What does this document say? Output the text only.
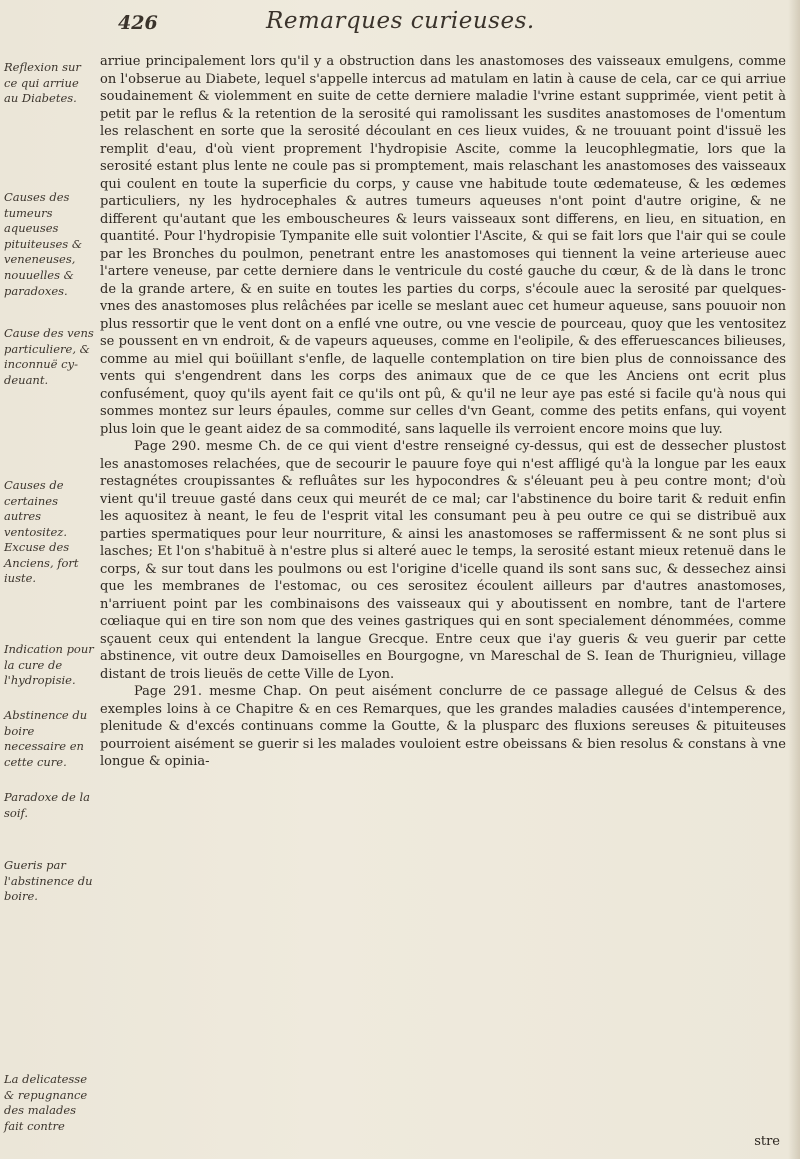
426	Remarques curieuses.
Reflexion sur ce qui arriue au Diabetes.
Causes des tumeurs aqueuses pituiteuses & veneneuses, nouuelles & paradoxes.
Cause des vens particuliere, & inconnuë cy-deuant.
Causes de certaines autres ventositez.
Excuse des Anciens, fort iuste.
Indication pour la cure de l'hydropisie.
Abstinence du boire necessaire en cette cure.
Paradoxe de la soif.
Gueris par l'abstinence du boire.
La delicatesse & repugnance des malades fait contre

arriue principalement lors qu'il y a obstruction dans les anastomoses des vaisseaux emulgens, comme on l'obserue au Diabete, lequel s'appelle intercus ad matulam en latin à cause de cela, car ce qui arriue soudainement & violemment en suite de cette derniere maladie l'vrine estant supprimée, vient petit à petit par le reflus & la retention de la serosité qui ramolissant les susdites anastomoses de l'omentum les relaschent en sorte que la serosité découlant en ces lieux vuides, & ne trouuant point d'issuë les remplit d'eau, d'où vient proprement l'hydropisie Ascite, comme la leucophlegmatie, lors que la serosité estant plus lente ne coule pas si promptement, mais relaschant les anastomoses des vaisseaux qui coulent en toute la superficie du corps, y cause vne habitude toute œdemateuse, & les œdemes particuliers, ny les hydrocephales & autres tumeurs aqueuses n'ont point d'autre origine, & ne different qu'autant que les embouscheures & leurs vaisseaux sont differens, en lieu, en situation, en quantité. Pour l'hydropisie Tympanite elle suit volontier l'Ascite, & qui se fait lors que l'air qui se coule par les Bronches du poulmon, penetrant entre les anastomoses qui tiennent la veine arterieuse auec l'artere veneuse, par cette derniere dans le ventricule du costé gauche du cœur, & de là dans le tronc de la grande artere, & en suite en toutes les parties du corps, s'écoule auec la serosité par quelques-vnes des anastomoses plus relâchées par icelle se meslant auec cet humeur aqueuse, sans pouuoir non plus ressortir que le vent dont on a enflé vne outre, ou vne vescie de pourceau, quoy que les ventositez se poussent en vn endroit, & de vapeurs aqueuses, comme en l'eolipile, & des efferuescances bilieuses, comme au miel qui boüillant s'enfle, de laquelle contemplation on tire bien plus de connoissance des vents qui s'engendrent dans les corps des animaux que de ce que les Anciens ont ecrit plus confusément, quoy qu'ils ayent fait ce qu'ils ont pû, & qu'il ne leur aye pas esté si facile qu'à nous qui sommes montez sur leurs épaules, comme sur celles d'vn Geant, comme des petits enfans, qui voyent plus loin que le geant aidez de sa commodité, sans laquelle ils verroient encore moins que luy.

Page 290. mesme Ch. de ce qui vient d'estre renseigné cy-dessus, qui est de dessecher plustost les anastomoses relachées, que de secourir le pauure foye qui n'est affligé qu'à la longue par les eaux restagnétes croupissantes & refluâtes sur les hypocondres & s'éleuant peu à peu contre mont; d'où vient qu'il treuue gasté dans ceux qui meurét de ce mal; car l'abstinence du boire tarit & reduit enfin les aquositez à neant, le feu de l'esprit vital les consumant peu à peu outre ce qui se distribuë aux parties spermatiques pour leur nourriture, & ainsi les anastomoses se raffermissent & ne sont plus si lasches; Et l'on s'habituë à n'estre plus si alteré auec le temps, la serosité estant mieux retenuë dans le corps, & sur tout dans les poulmons ou est l'origine d'icelle quand ils sont sans suc, & dessechez ainsi que les membranes de l'estomac, ou ces serositez écoulent ailleurs par d'autres anastomoses, n'arriuent point par les combinaisons des vaisseaux qui y aboutissent en nombre, tant de l'artere cœliaque qui en tire son nom que des veines gastriques qui en sont specialement dénommées, comme sçauent ceux qui entendent la langue Grecque. Entre ceux que i'ay gueris & veu guerir par cette abstinence, vit outre deux Damoiselles en Bourgogne, vn Mareschal de S. Iean de Thurignieu, village distant de trois lieuës de cette Ville de Lyon.

Page 291. mesme Chap. On peut aisément conclurre de ce passage allegué de Celsus & des exemples loins à ce Chapitre & en ces Remarques, que les grandes maladies causées d'intemperence, plenitude & d'excés continuans comme la Goutte, & la plusparc des fluxions sereuses & pituiteuses pourroient aisément se guerir si les malades vouloient estre obeissans & bien resolus & constans à vne longue & opinia-

stre
